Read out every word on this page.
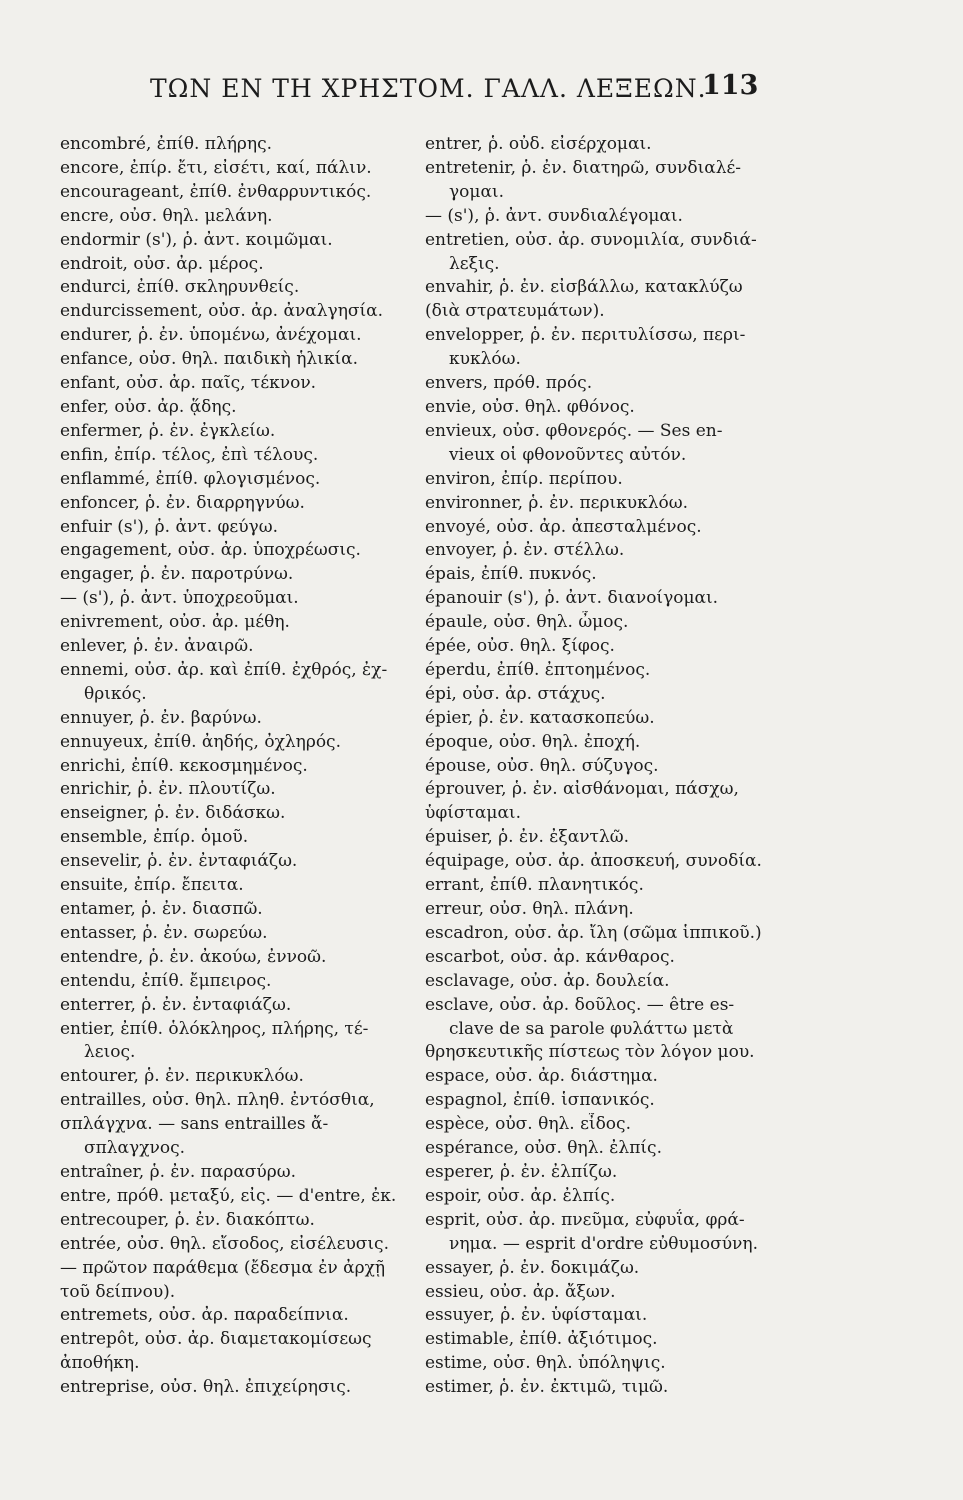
ΤΩΝ ΕΝ ΤΗ ΧΡΗΣΤΟΜ. ΓΑΛΛ. ΛΕΞΕΩΝ.
113
encombré, ἐπίθ. πλήρης.
encore, ἐπίρ. ἔτι, εἰσέτι, καί, πάλιν.
encourageant, ἐπίθ. ἐνθαρρυντικός.
encre, οὐσ. θηλ. μελάνη.
endormir (s'), ῥ. ἀντ. κοιμῶμαι.
endroit, οὐσ. ἀρ. μέρος.
endurci, ἐπίθ. σκληρυνθείς.
endurcissement, οὐσ. ἀρ. ἀναλγησία.
endurer, ῥ. ἐν. ὑπομένω, ἀνέχομαι.
enfance, οὐσ. θηλ. παιδικὴ ἡλικία.
enfant, οὐσ. ἀρ. παῖς, τέκνον.
enfer, οὐσ. ἀρ. ᾅδης.
enfermer, ῥ. ἐν. ἐγκλείω.
enfin, ἐπίρ. τέλος, ἐπὶ τέλους.
enflammé, ἐπίθ. φλογισμένος.
enfoncer, ῥ. ἐν. διαρρηγνύω.
enfuir (s'), ῥ. ἀντ. φεύγω.
engagement, οὐσ. ἀρ. ὑποχρέωσις.
engager, ῥ. ἐν. παροτρύνω.
— (s'), ῥ. ἀντ. ὑποχρεοῦμαι.
enivrement, οὐσ. ἀρ. μέθη.
enlever, ῥ. ἐν. ἀναιρῶ.
ennemi, οὐσ. ἀρ. καὶ ἐπίθ. ἐχθρός, ἐχ-
θρικός.
ennuyer, ῥ. ἐν. βαρύνω.
ennuyeux, ἐπίθ. ἀηδής, ὀχληρός.
enrichi, ἐπίθ. κεκοσμημένος.
enrichir, ῥ. ἐν. πλουτίζω.
enseigner, ῥ. ἐν. διδάσκω.
ensemble, ἐπίρ. ὁμοῦ.
ensevelir, ῥ. ἐν. ἐνταφιάζω.
ensuite, ἐπίρ. ἔπειτα.
entamer, ῥ. ἐν. διασπῶ.
entasser, ῥ. ἐν. σωρεύω.
entendre, ῥ. ἐν. ἀκούω, ἐννοῶ.
entendu, ἐπίθ. ἔμπειρος.
enterrer, ῥ. ἐν. ἐνταφιάζω.
entier, ἐπίθ. ὁλόκληρος, πλήρης, τέ-
λειος.
entourer, ῥ. ἐν. περικυκλόω.
entrailles, οὐσ. θηλ. πληθ. ἐντόσθια,
σπλάγχνα. — sans entrailles ἄ-
σπλαγχνος.
entraîner, ῥ. ἐν. παρασύρω.
entre, πρόθ. μεταξύ, εἰς. — d'entre, ἐκ.
entrecouper, ῥ. ἐν. διακόπτω.
entrée, οὐσ. θηλ. εἴσοδος, εἰσέλευσις.
— πρῶτον παράθεμα (ἔδεσμα ἐν ἀρχῇ
τοῦ δείπνου).
entremets, οὐσ. ἀρ. παραδείπνια.
entrepôt, οὐσ. ἀρ. διαμετακομίσεως
ἀποθήκη.
entreprise, οὐσ. θηλ. ἐπιχείρησις.
entrer, ῥ. οὐδ. εἰσέρχομαι.
entretenir, ῥ. ἐν. διατηρῶ, συνδιαλέ-
γομαι.
— (s'), ῥ. ἀντ. συνδιαλέγομαι.
entretien, οὐσ. ἀρ. συνομιλία, συνδιά-
λεξις.
envahir, ῥ. ἐν. εἰσβάλλω, κατακλύζω
(διὰ στρατευμάτων).
envelopper, ῥ. ἐν. περιτυλίσσω, περι-
κυκλόω.
envers, πρόθ. πρός.
envie, οὐσ. θηλ. φθόνος.
envieux, οὐσ. φθονερός. — Ses en-
vieux οἱ φθονοῦντες αὐτόν.
environ, ἐπίρ. περίπου.
environner, ῥ. ἐν. περικυκλόω.
envoyé, οὐσ. ἀρ. ἀπεσταλμένος.
envoyer, ῥ. ἐν. στέλλω.
épais, ἐπίθ. πυκνός.
épanouir (s'), ῥ. ἀντ. διανοίγομαι.
épaule, οὐσ. θηλ. ὦμος.
épée, οὐσ. θηλ. ξίφος.
éperdu, ἐπίθ. ἐπτοημένος.
épi, οὐσ. ἀρ. στάχυς.
épier, ῥ. ἐν. κατασκοπεύω.
époque, οὐσ. θηλ. ἐποχή.
épouse, οὐσ. θηλ. σύζυγος.
éprouver, ῥ. ἐν. αἰσθάνομαι, πάσχω,
ὑφίσταμαι.
épuiser, ῥ. ἐν. ἐξαντλῶ.
équipage, οὐσ. ἀρ. ἀποσκευή, συνοδία.
errant, ἐπίθ. πλανητικός.
erreur, οὐσ. θηλ. πλάνη.
escadron, οὐσ. ἀρ. ἴλη (σῶμα ἱππικοῦ.)
escarbot, οὐσ. ἀρ. κάνθαρος.
esclavage, οὐσ. ἀρ. δουλεία.
esclave, οὐσ. ἀρ. δοῦλος. — être es-
clave de sa parole φυλάττω μετὰ
θρησκευτικῆς πίστεως τὸν λόγον μου.
espace, οὐσ. ἀρ. διάστημα.
espagnol, ἐπίθ. ἱσπανικός.
espèce, οὐσ. θηλ. εἶδος.
espérance, οὐσ. θηλ. ἐλπίς.
esperer, ῥ. ἐν. ἐλπίζω.
espoir, οὐσ. ἀρ. ἐλπίς.
esprit, οὐσ. ἀρ. πνεῦμα, εὐφυΐα, φρά-
νημα. — esprit d'ordre εὐθυμοσύνη.
essayer, ῥ. ἐν. δοκιμάζω.
essieu, οὐσ. ἀρ. ἄξων.
essuyer, ῥ. ἐν. ὑφίσταμαι.
estimable, ἐπίθ. ἀξιότιμος.
estime, οὐσ. θηλ. ὑπόληψις.
estimer, ῥ. ἐν. ἐκτιμῶ, τιμῶ.
